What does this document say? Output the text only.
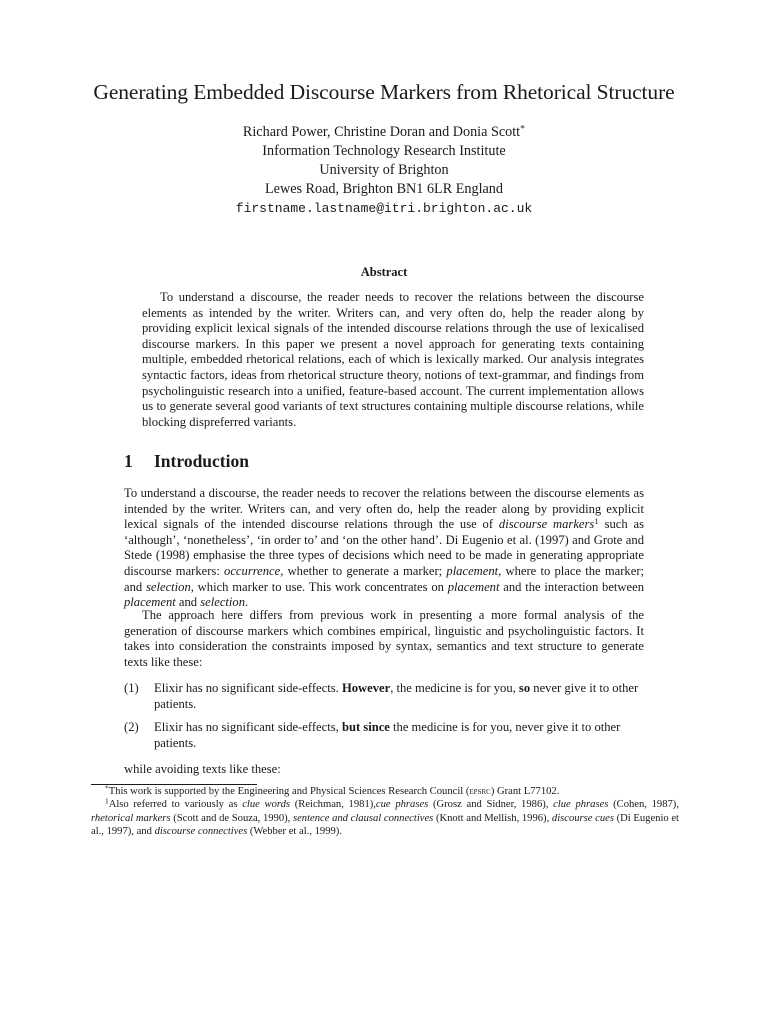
Generating Embedded Discourse Markers from Rhetorical Structure
Richard Power, Christine Doran and Donia Scott*
Information Technology Research Institute
University of Brighton
Lewes Road, Brighton BN1 6LR England
firstname.lastname@itri.brighton.ac.uk
Abstract

To understand a discourse, the reader needs to recover the relations between the discourse elements as intended by the writer. Writers can, and very often do, help the reader along by providing explicit lexical signals of the intended discourse relations through the use of lexicalised discourse markers. In this paper we present a novel approach for generating texts containing multiple, embedded rhetorical relations, each of which is lexically marked. Our analysis integrates syntactic factors, ideas from rhetorical structure theory, notions of text-grammar, and findings from psycholinguistic research into a unified, feature-based account. The current implementation allows us to generate several good variants of text structures containing multiple discourse relations, while blocking dispreferred variants.

1 Introduction

To understand a discourse, the reader needs to recover the relations between the discourse elements as intended by the writer. Writers can, and very often do, help the reader along by providing explicit lexical signals of the intended discourse relations through the use of discourse markers$^1$ such as ‘although’, ‘nonetheless’, ‘in order to’ and ‘on the other hand’. Di Eugenio et al. (1997) and Grote and Stede (1998) emphasise the three types of decisions which need to be made in generating appropriate discourse markers: occurrence, whether to generate a marker; placement, where to place the marker; and selection, which marker to use. This work concentrates on placement and the interaction between placement and selection.

The approach here differs from previous work in presenting a more formal analysis of the generation of discourse markers which combines empirical, linguistic and psycholinguistic factors. It takes into consideration the constraints imposed by syntax, semantics and text structure to generate texts like these:

(1) Elixir has no significant side-effects. However, the medicine is for you, so never give it to other patients.
(2) Elixir has no significant side-effects, but since the medicine is for you, never give it to other patients.

while avoiding texts like these:

*This work is supported by the Engineering and Physical Sciences Research Council (epsrc) Grant L77102.

$^1$Also referred to variously as clue words (Reichman, 1981),cue phrases (Grosz and Sidner, 1986), clue phrases (Cohen, 1987), rhetorical markers (Scott and de Souza, 1990), sentence and clausal connectives (Knott and Mellish, 1996), discourse cues (Di Eugenio et al., 1997), and discourse connectives (Webber et al., 1999).
